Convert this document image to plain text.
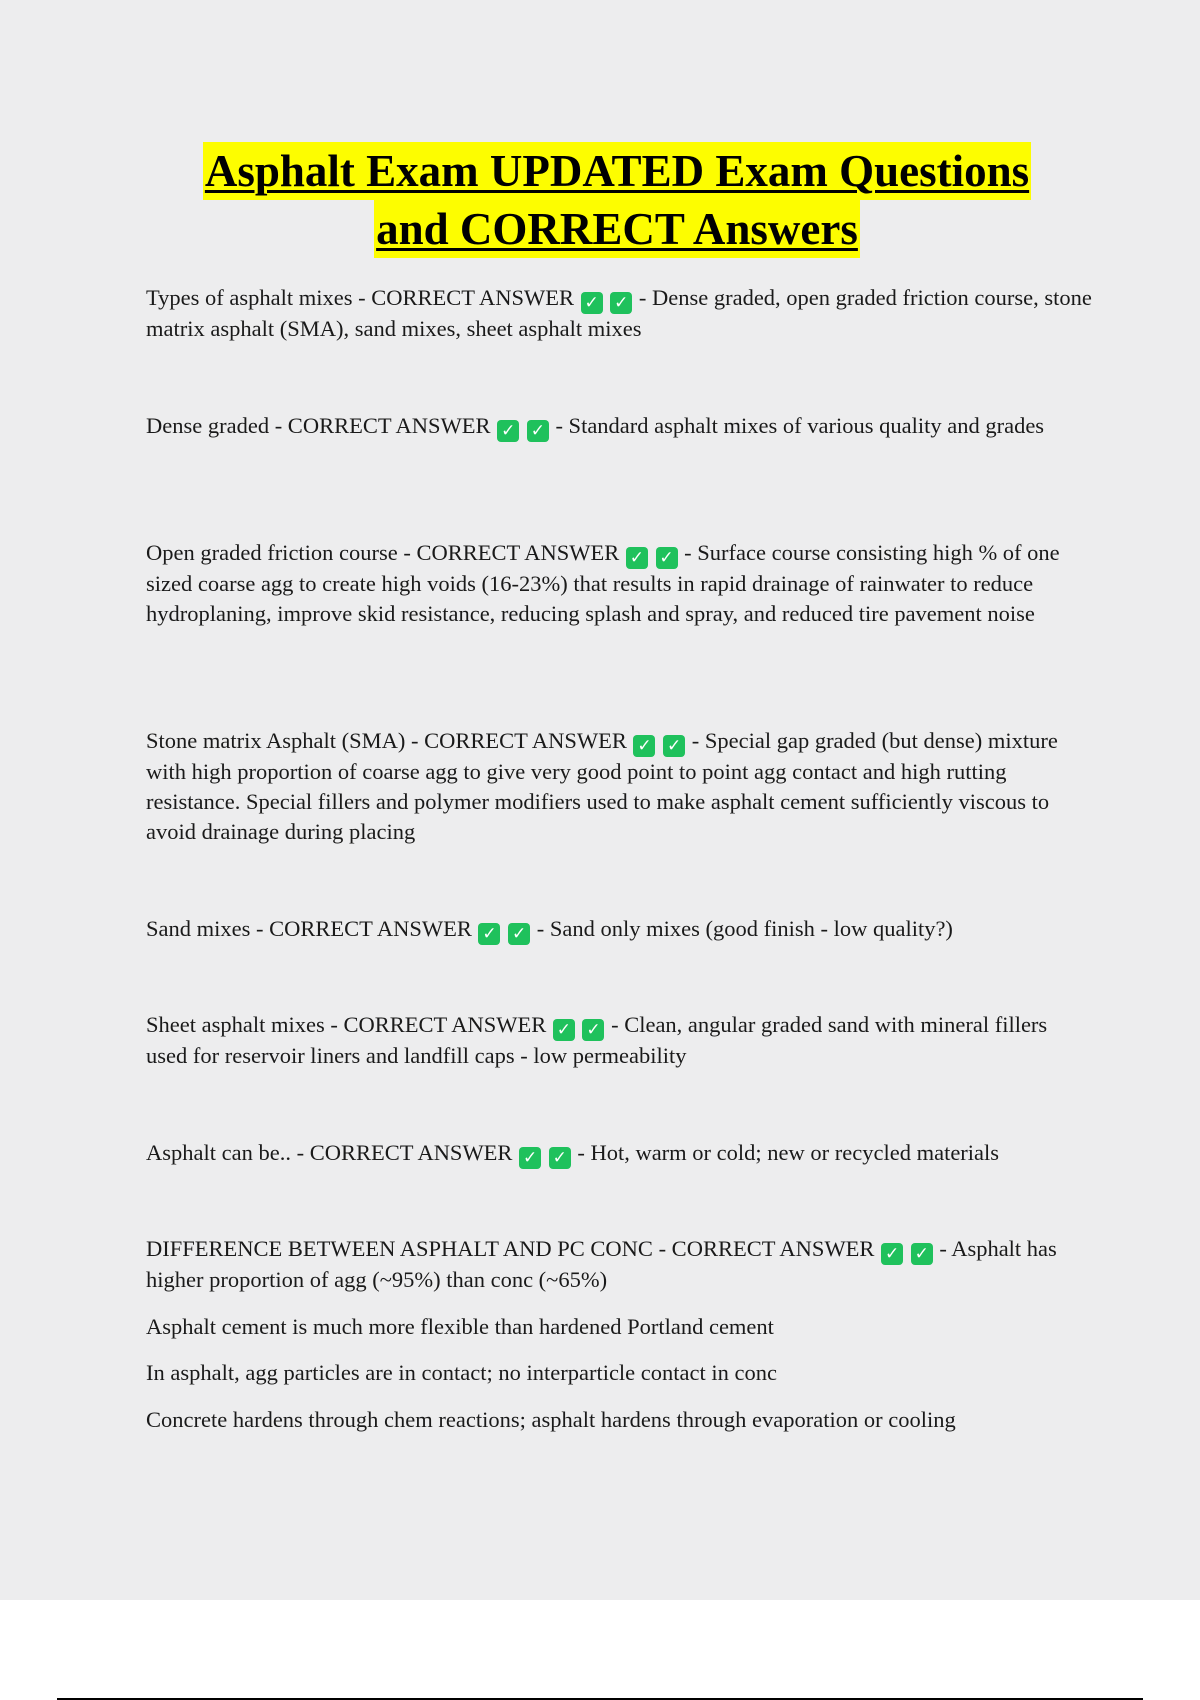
Asphalt Exam UPDATED Exam Questions
and CORRECT Answers

Types of asphalt mixes - CORRECT ANSWER ✓ ✓ - Dense graded, open graded friction course, stone matrix asphalt (SMA), sand mixes, sheet asphalt mixes

Dense graded - CORRECT ANSWER ✓ ✓ - Standard asphalt mixes of various quality and grades

Open graded friction course - CORRECT ANSWER ✓ ✓ - Surface course consisting high % of one sized coarse agg to create high voids (16-23%) that results in rapid drainage of rainwater to reduce hydroplaning, improve skid resistance, reducing splash and spray, and reduced tire pavement noise

Stone matrix Asphalt (SMA) - CORRECT ANSWER ✓ ✓ - Special gap graded (but dense) mixture with high proportion of coarse agg to give very good point to point agg contact and high rutting resistance. Special fillers and polymer modifiers used to make asphalt cement sufficiently viscous to avoid drainage during placing

Sand mixes - CORRECT ANSWER ✓ ✓ - Sand only mixes (good finish - low quality?)

Sheet asphalt mixes - CORRECT ANSWER ✓ ✓ - Clean, angular graded sand with mineral fillers used for reservoir liners and landfill caps - low permeability

Asphalt can be.. - CORRECT ANSWER ✓ ✓ - Hot, warm or cold; new or recycled materials

DIFFERENCE BETWEEN ASPHALT AND PC CONC - CORRECT ANSWER ✓ ✓ - Asphalt has higher proportion of agg (~95%) than conc (~65%)

Asphalt cement is much more flexible than hardened Portland cement

In asphalt, agg particles are in contact; no interparticle contact in conc

Concrete hardens through chem reactions; asphalt hardens through evaporation or cooling
